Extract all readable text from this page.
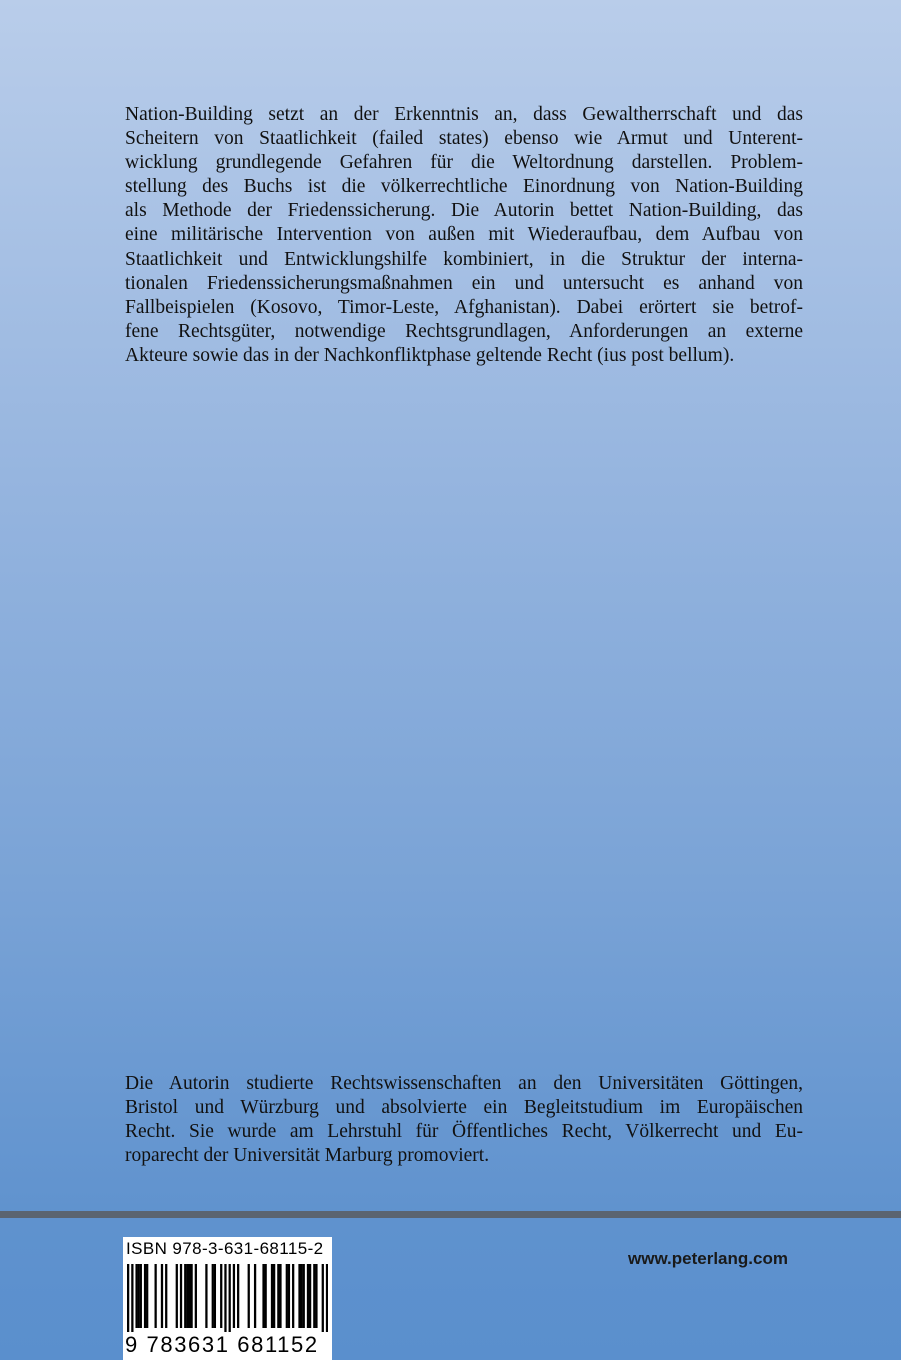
Nation-Building setzt an der Erkenntnis an, dass Gewaltherrschaft und das
Scheitern von Staatlichkeit (failed states) ebenso wie Armut und Unterent-
wicklung grundlegende Gefahren für die Weltordnung darstellen. Problem-
stellung des Buchs ist die völkerrechtliche Einordnung von Nation-Building
als Methode der Friedenssicherung. Die Autorin bettet Nation-Building, das
eine militärische Intervention von außen mit Wiederaufbau, dem Aufbau von
Staatlichkeit und Entwicklungshilfe kombiniert, in die Struktur der interna-
tionalen Friedenssicherungsmaßnahmen ein und untersucht es anhand von
Fallbeispielen (Kosovo, Timor-Leste, Afghanistan). Dabei erörtert sie betrof-
fene Rechtsgüter, notwendige Rechtsgrundlagen, Anforderungen an externe
Akteure sowie das in der Nachkonfliktphase geltende Recht (ius post bellum).
Die Autorin studierte Rechtswissenschaften an den Universitäten Göttingen,
Bristol und Würzburg und absolvierte ein Begleitstudium im Europäischen
Recht. Sie wurde am Lehrstuhl für Öffentliches Recht, Völkerrecht und Eu-
roparecht der Universität Marburg promoviert.
ISBN 978-3-631-68115-2
9 783631 681152
www.peterlang.com
